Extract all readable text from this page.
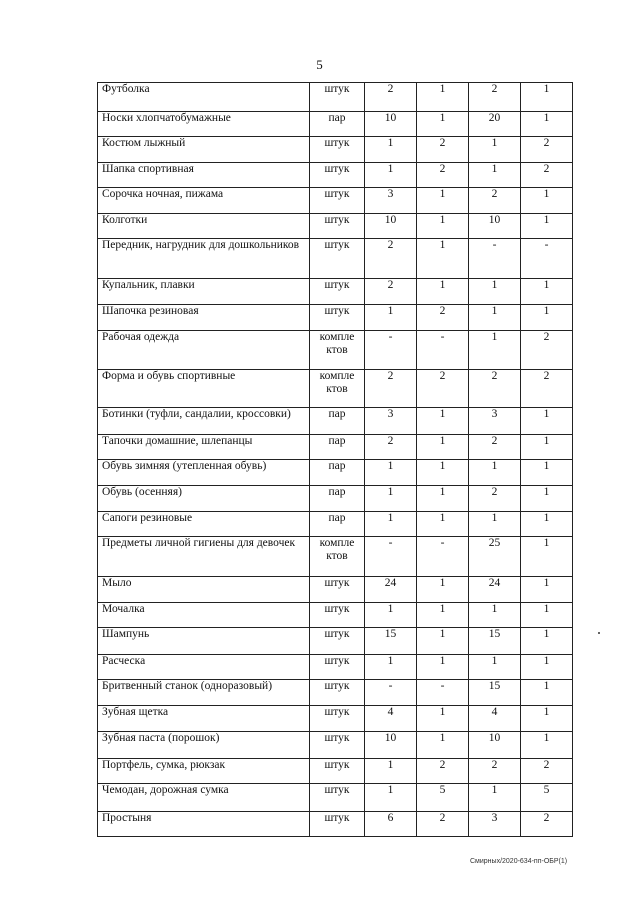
5
Футболка	штук	2	1	2	1
Носки хлопчатобумажные	пар	10	1	20	1
Костюм лыжный	штук	1	2	1	2
Шапка спортивная	штук	1	2	1	2
Сорочка ночная, пижама	штук	3	1	2	1
Колготки	штук	10	1	10	1
Передник, нагрудник для дошкольников	штук	2	1	-	-
Купальник, плавки	штук	2	1	1	1
Шапочка резиновая	штук	1	2	1	1
Рабочая одежда	компле ктов	-	-	1	2
Форма и обувь спортивные	компле ктов	2	2	2	2
Ботинки (туфли, сандалии, кроссовки)	пар	3	1	3	1
Тапочки домашние, шлепанцы	пар	2	1	2	1
Обувь зимняя (утепленная обувь)	пар	1	1	1	1
Обувь (осенняя)	пар	1	1	2	1
Сапоги резиновые	пар	1	1	1	1
Предметы личной гигиены для девочек	компле ктов	-	-	25	1
Мыло	штук	24	1	24	1
Мочалка	штук	1	1	1	1
Шампунь	штук	15	1	15	1
Расческа	штук	1	1	1	1
Бритвенный станок (одноразовый)	штук	-	-	15	1
Зубная щетка	штук	4	1	4	1
Зубная паста (порошок)	штук	10	1	10	1
Портфель, сумка, рюкзак	штук	1	2	2	2
Чемодан, дорожная сумка	штук	1	5	1	5
Простыня	штук	6	2	3	2
Смирных/2020-634-пп-ОБР(1)
